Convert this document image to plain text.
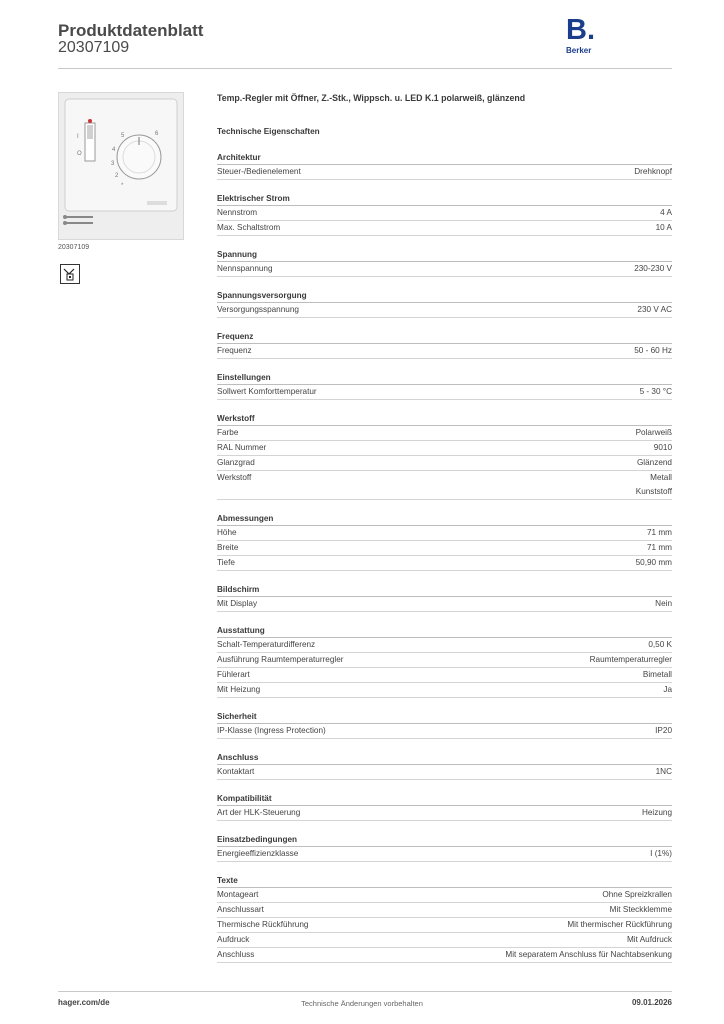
Produktdatenblatt
20307109
B.
Berker
I
O
5
4
3
2
*
6
20307109
Temp.-Regler mit Öffner, Z.-Stk., Wippsch. u. LED K.1 polarweiß, glänzend
Technische Eigenschaften
Architektur
Steuer-/Bedienelement	Drehknopf
Elektrischer Strom
Nennstrom	4 A
Max. Schaltstrom	10 A
Spannung
Nennspannung	230-230 V
Spannungsversorgung
Versorgungsspannung	230 V AC
Frequenz
Frequenz	50 - 60 Hz
Einstellungen
Sollwert Komforttemperatur	5 - 30 °C
Werkstoff
Farbe	Polarweiß
RAL Nummer	9010
Glanzgrad	Glänzend
Werkstoff	Metall
Kunststoff
Abmessungen
Höhe	71 mm
Breite	71 mm
Tiefe	50,90 mm
Bildschirm
Mit Display	Nein
Ausstattung
Schalt-Temperaturdifferenz	0,50 K
Ausführung Raumtemperaturregler	Raumtemperaturregler
Fühlerart	Bimetall
Mit Heizung	Ja
Sicherheit
IP-Klasse (Ingress Protection)	IP20
Anschluss
Kontaktart	1NC
Kompatibilität
Art der HLK-Steuerung	Heizung
Einsatzbedingungen
Energieeffizienzklasse	I (1%)
Texte
Montageart	Ohne Spreizkrallen
Anschlussart	Mit Steckklemme
Thermische Rückführung	Mit thermischer Rückführung
Aufdruck	Mit Aufdruck
Anschluss	Mit separatem Anschluss für Nachtabsenkung
hager.com/de	Technische Änderungen vorbehalten	09.01.2026
